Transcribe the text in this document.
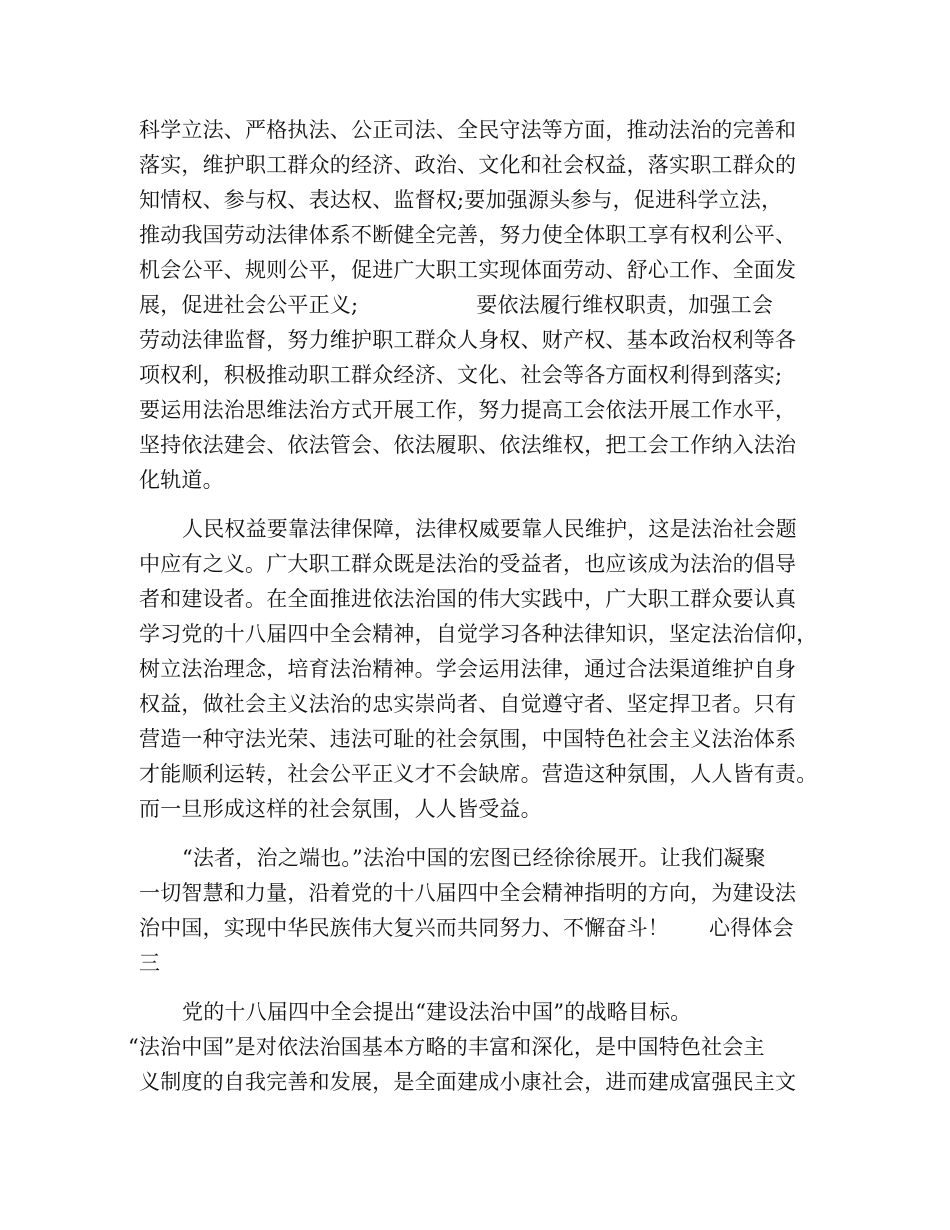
科学立法、严格执法、公正司法、全民守法等方面，推动法治的完善和
落实，维护职工群众的经济、政治、文化和社会权益，落实职工群众的
知情权、参与权、表达权、监督权;要加强源头参与，促进科学立法，
推动我国劳动法律体系不断健全完善，努力使全体职工享有权利公平、
机会公平、规则公平，促进广大职工实现体面劳动、舒心工作、全面发
展，促进社会公平正义;	要依法履行维权职责，加强工会
劳动法律监督，努力维护职工群众人身权、财产权、基本政治权利等各
项权利，积极推动职工群众经济、文化、社会等各方面权利得到落实;
要运用法治思维法治方式开展工作，努力提高工会依法开展工作水平，
坚持依法建会、依法管会、依法履职、依法维权，把工会工作纳入法治
化轨道。
人民权益要靠法律保障，法律权威要靠人民维护，这是法治社会题
中应有之义。广大职工群众既是法治的受益者，也应该成为法治的倡导
者和建设者。在全面推进依法治国的伟大实践中，广大职工群众要认真
学习党的十八届四中全会精神，自觉学习各种法律知识，坚定法治信仰，
树立法治理念，培育法治精神。学会运用法律，通过合法渠道维护自身
权益，做社会主义法治的忠实崇尚者、自觉遵守者、坚定捍卫者。只有
营造一种守法光荣、违法可耻的社会氛围，中国特色社会主义法治体系
才能顺利运转，社会公平正义才不会缺席。营造这种氛围，人人皆有责。
而一旦形成这样的社会氛围，人人皆受益。
“法者，治之端也。”法治中国的宏图已经徐徐展开。让我们凝聚
一切智慧和力量，沿着党的十八届四中全会精神指明的方向，为建设法
治中国，实现中华民族伟大复兴而共同努力、不懈奋斗！ 心得体会
三
党的十八届四中全会提出“建设法治中国”的战略目标。
“法治中国”是对依法治国基本方略的丰富和深化，是中国特色社会主
义制度的自我完善和发展，是全面建成小康社会，进而建成富强民主文
